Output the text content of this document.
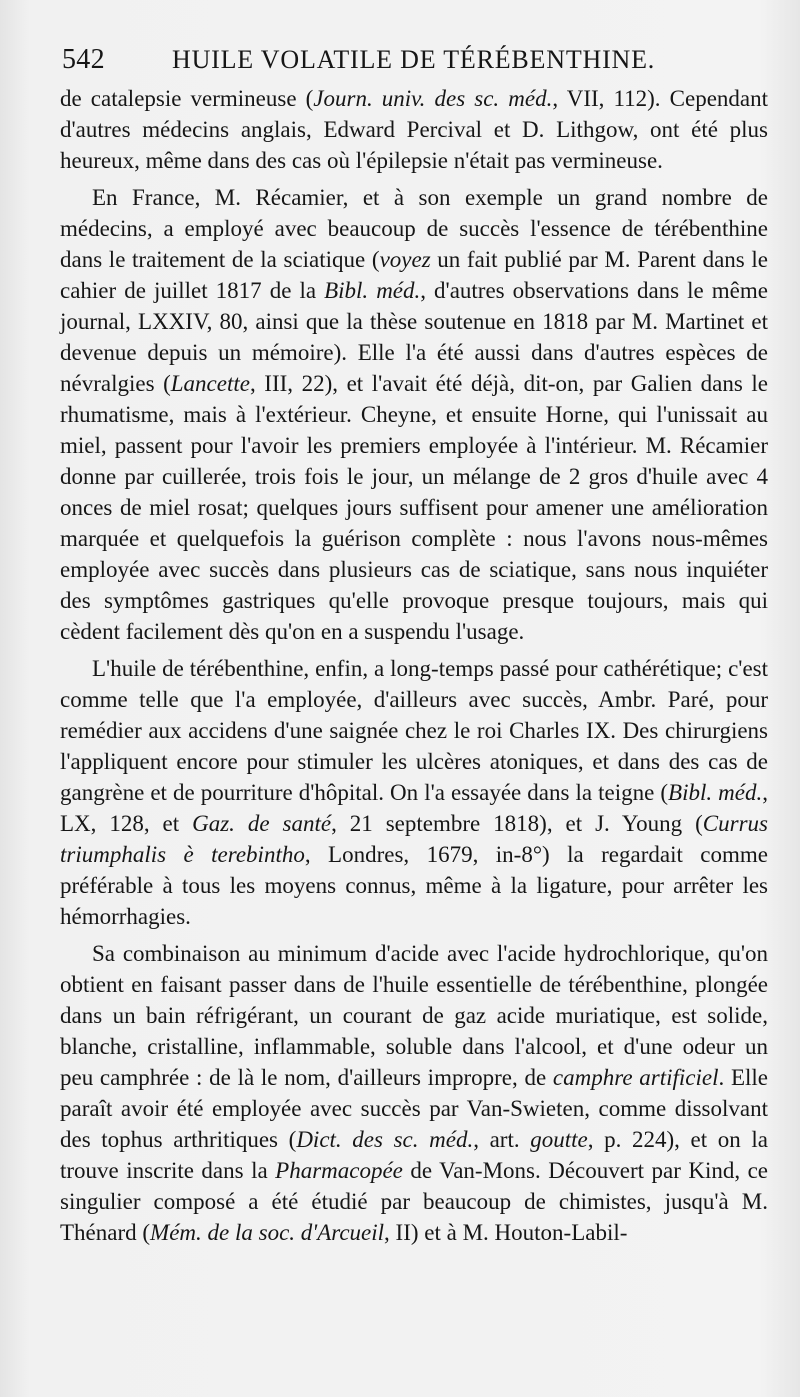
542	HUILE VOLATILE DE TÉRÉBENTHINE.

de catalepsie vermineuse (Journ. univ. des sc. méd., VII, 112). Cependant d'autres médecins anglais, Edward Percival et D. Lithgow, ont été plus heureux, même dans des cas où l'épilepsie n'était pas vermineuse.

En France, M. Récamier, et à son exemple un grand nombre de médecins, a employé avec beaucoup de succès l'essence de térébenthine dans le traitement de la sciatique (voyez un fait publié par M. Parent dans le cahier de juillet 1817 de la Bibl. méd., d'autres observations dans le même journal, LXXIV, 80, ainsi que la thèse soutenue en 1818 par M. Martinet et devenue depuis un mémoire). Elle l'a été aussi dans d'autres espèces de névralgies (Lancette, III, 22), et l'avait été déjà, dit-on, par Galien dans le rhumatisme, mais à l'extérieur. Cheyne, et ensuite Horne, qui l'unissait au miel, passent pour l'avoir les premiers employée à l'intérieur. M. Récamier donne par cuillerée, trois fois le jour, un mélange de 2 gros d'huile avec 4 onces de miel rosat; quelques jours suffisent pour amener une amélioration marquée et quelquefois la guérison complète : nous l'avons nous-mêmes employée avec succès dans plusieurs cas de sciatique, sans nous inquiéter des symptômes gastriques qu'elle provoque presque toujours, mais qui cèdent facilement dès qu'on en a suspendu l'usage.

L'huile de térébenthine, enfin, a long-temps passé pour cathérétique; c'est comme telle que l'a employée, d'ailleurs avec succès, Ambr. Paré, pour remédier aux accidens d'une saignée chez le roi Charles IX. Des chirurgiens l'appliquent encore pour stimuler les ulcères atoniques, et dans des cas de gangrène et de pourriture d'hôpital. On l'a essayée dans la teigne (Bibl. méd., LX, 128, et Gaz. de santé, 21 septembre 1818), et J. Young (Currus triumphalis è terebintho, Londres, 1679, in-8°) la regardait comme préférable à tous les moyens connus, même à la ligature, pour arrêter les hémorrhagies.

Sa combinaison au minimum d'acide avec l'acide hydrochlorique, qu'on obtient en faisant passer dans de l'huile essentielle de térébenthine, plongée dans un bain réfrigérant, un courant de gaz acide muriatique, est solide, blanche, cristalline, inflammable, soluble dans l'alcool, et d'une odeur un peu camphrée : de là le nom, d'ailleurs impropre, de camphre artificiel. Elle paraît avoir été employée avec succès par Van-Swieten, comme dissolvant des tophus arthritiques (Dict. des sc. méd., art. goutte, p. 224), et on la trouve inscrite dans la Pharmacopée de Van-Mons. Découvert par Kind, ce singulier composé a été étudié par beaucoup de chimistes, jusqu'à M. Thénard (Mém. de la soc. d'Arcueil, II) et à M. Houton-Labil-
